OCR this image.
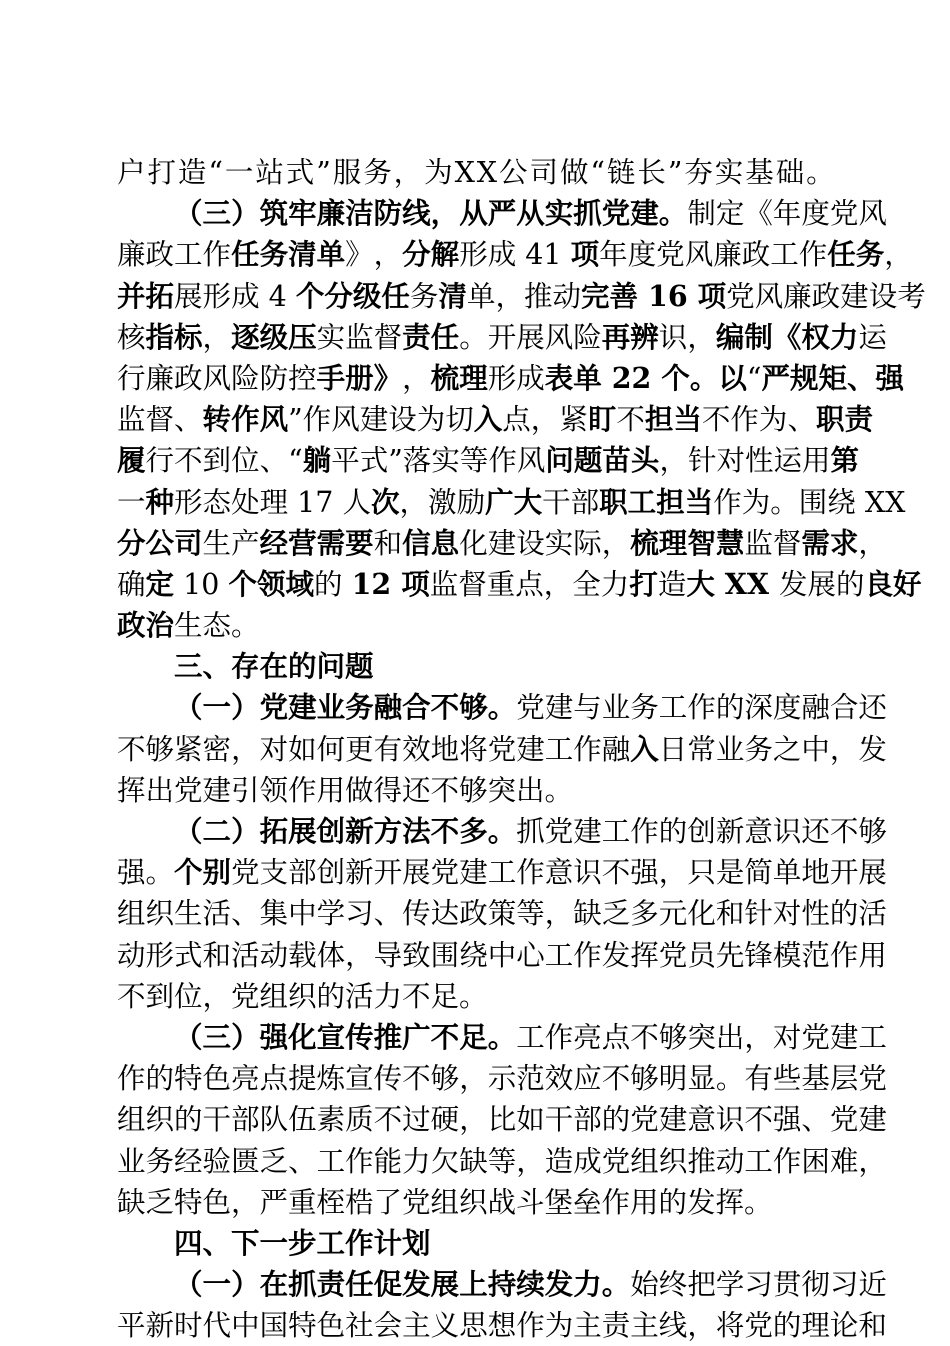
户 打 造 “ 一 站 式 ” 服 务 ， 为 X X 公 司 做 “ 链 长 ” 夯 实 基 础 。

（ 三 ） 筑 牢 廉 洁 防 线 ， 从 严 从 实 抓 党 建 。 制 定 《 年 度 党 风
廉 政 工 作 任 务 清 单 》 ， 分 解 形 成
4 1
项 年 度 党 风 廉 政 工 作 任 务 ，
并 拓 展 形 成
4
个 分 级 任 务 清 单 ， 推 动 完 善
1 6
项 党 风 廉 政 建 设 考
核 指 标 ， 逐 级 压 实 监 督 责 任 。 开 展 风 险 再 辨 识 ， 编 制 《 权 力 运
行 廉 政 风 险 防 控 手 册 》 ， 梳 理 形 成 表 单
2 2
个 。 以 “ 严 规 矩 、 强
监 督 、 转 作 风 ” 作 风 建 设 为 切 入 点 ， 紧 盯 不 担 当 不 作 为 、 职 责
履 行 不 到 位 、 “ 躺 平 式 ” 落 实 等 作 风 问 题 苗 头 ， 针 对 性 运 用 第
一 种 形 态 处 理
1 7
人 次 ， 激 励 广 大 干 部 职 工 担 当 作 为 。 围 绕
X X
分 公 司 生 产 经 营 需 要 和 信 息 化 建 设 实 际 ， 梳 理 智 慧 监 督 需 求 ，
确 定
1 0
个 领 域 的
1 2
项 监 督 重 点 ， 全 力 打 造 大
X X
发 展 的 良 好
政治生态。
　　三、存在的问题

（ 一 ） 党 建 业 务 融 合 不 够 。 党 建 与 业 务 工 作 的 深 度 融 合 还
不 够 紧 密 ， 对 如 何 更 有 效 地 将 党 建 工 作 融 入 日 常 业 务 之 中 ， 发
挥出党建引领作用做得还不够突出。

（ 二 ） 拓 展 创 新 方 法 不 多 。 抓 党 建 工 作 的 创 新 意 识 还 不 够
强 。 个 别 党 支 部 创 新 开 展 党 建 工 作 意 识 不 强 ， 只 是 简 单 地 开 展
组 织 生 活 、 集 中 学 习 、 传 达 政 策 等 ， 缺 乏 多 元 化 和 针 对 性 的 活
动 形 式 和 活 动 载 体 ， 导 致 围 绕 中 心 工 作 发 挥 党 员 先 锋 模 范 作 用
不到位，党组织的活力不足。

（ 三 ） 强 化 宣 传 推 广 不 足 。 工 作 亮 点 不 够 突 出 ， 对 党 建 工
作 的 特 色 亮 点 提 炼 宣 传 不 够 ， 示 范 效 应 不 够 明 显 。 有 些 基 层 党
组 织 的 干 部 队 伍 素 质 不 过 硬 ， 比 如 干 部 的 党 建 意 识 不 强 、 党 建
业 务 经 验 匮 乏 、 工 作 能 力 欠 缺 等 ， 造 成 党 组 织 推 动 工 作 困 难 ，
缺乏特色，严重桎梏了党组织战斗堡垒作用的发挥。
　　四、下一步工作计划

（ 一 ） 在 抓 责 任 促 发 展 上 持 续 发 力 。 始 终 把 学 习 贯 彻 习 近
平 新 时 代 中 国 特 色 社 会 主 义 思 想 作 为 主 责 主 线 ， 将 党 的 理 论 和
